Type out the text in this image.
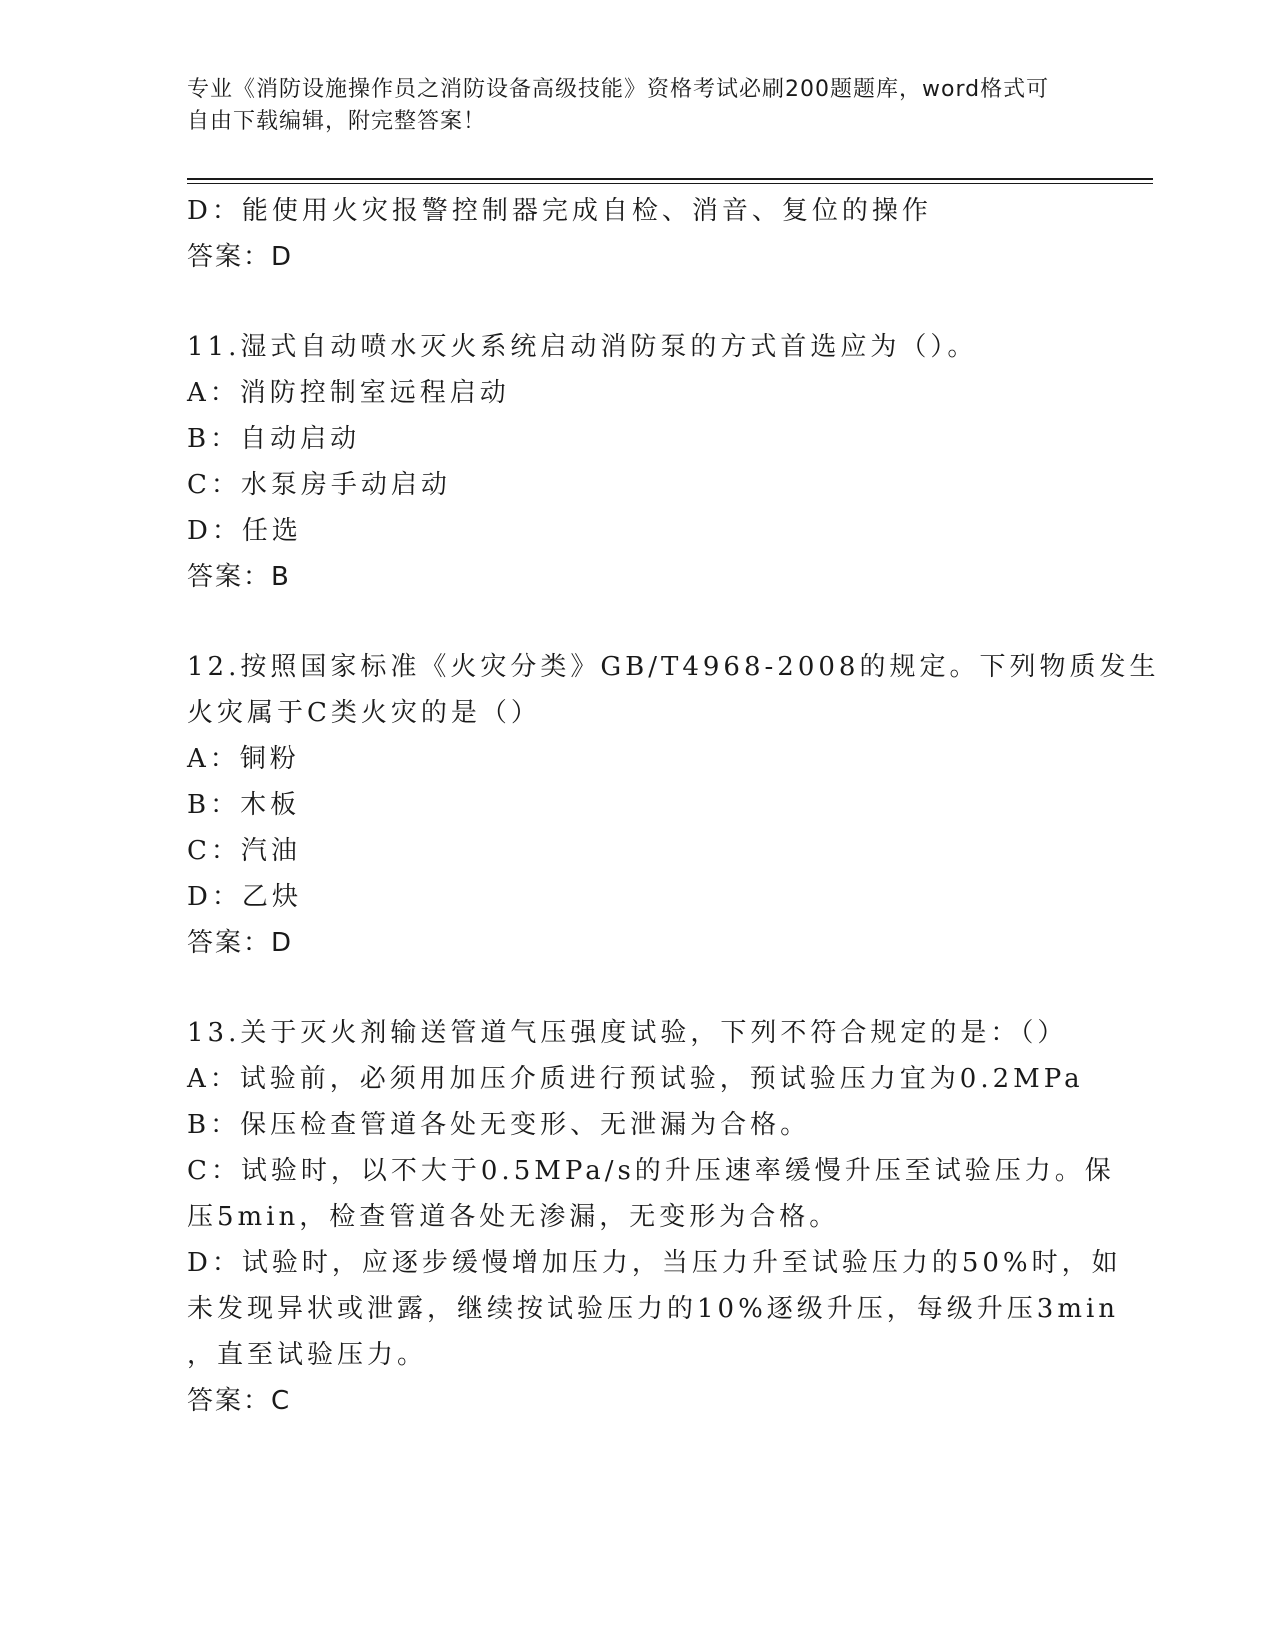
专业《消防设施操作员之消防设备高级技能》资格考试必刷200题题库，word格式可自由下载编辑，附完整答案！
D：能使用火灾报警控制器完成自检、消音、复位的操作
答案：D
11.湿式自动喷水灭火系统启动消防泵的方式首选应为（）。
A：消防控制室远程启动
B：自动启动
C：水泵房手动启动
D：任选
答案：B
12.按照国家标准《火灾分类》GB/T4968-2008的规定。下列物质发生
火灾属于C类火灾的是（）
A：铜粉
B：木板
C：汽油
D：乙炔
答案：D
13.关于灭火剂输送管道气压强度试验，下列不符合规定的是：（）
A：试验前，必须用加压介质进行预试验，预试验压力宜为0.2MPa
B：保压检查管道各处无变形、无泄漏为合格。
C：试验时，以不大于0.5MPa/s的升压速率缓慢升压至试验压力。保
压5min，检查管道各处无渗漏，无变形为合格。
D：试验时，应逐步缓慢增加压力，当压力升至试验压力的50%时，如
未发现异状或泄露，继续按试验压力的10%逐级升压，每级升压3min
，直至试验压力。
答案：C
